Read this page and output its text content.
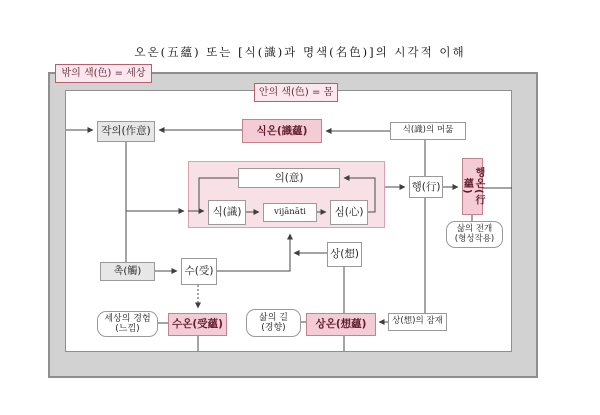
오온(五蘊) 또는 [식(識)과 명색(名色)]의 시각적 이해
밖의 색(色) = 세상
안의 색(色) = 몸
작의(作意)	식온(識蘊)	식(識)의 머묾
의(意)
식(識)	vijānāti	심(心)
행(行)	행온(行蘊)
삶의 전개
(형성작용)
촉(觸)	수(受)
상(想)
세상의 경험
(느낌)	수온(受蘊)
삶의 길
(경향)	상온(想蘊)	상(想)의 잠재
